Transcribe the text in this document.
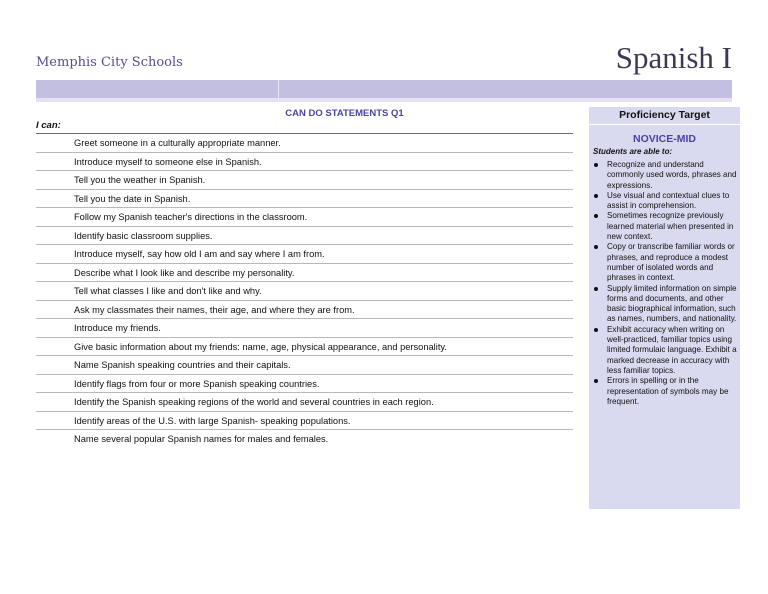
Memphis City Schools	Spanish I
CAN DO STATEMENTS Q1
I can:
Greet someone in a culturally appropriate manner.
Introduce myself to someone else in Spanish.
Tell you the weather in Spanish.
Tell you the date in Spanish.
Follow my Spanish teacher's directions in the classroom.
Identify basic classroom supplies.
Introduce myself, say how old I am and say where I am from.
Describe what I look like and describe my personality.
Tell what classes I like and don't like and why.
Ask my classmates their names, their age, and where they are from.
Introduce my friends.
Give basic information about my friends: name, age, physical appearance, and personality.
Name Spanish speaking countries and their capitals.
Identify flags from four or more Spanish speaking countries.
Identify the Spanish speaking regions of the world and several countries in each region.
Identify areas of the U.S. with large Spanish- speaking populations.
Name several popular Spanish names for males and females.
Proficiency Target
NOVICE-MID
Students are able to:
Recognize and understand commonly used words, phrases and expressions.
Use visual and contextual clues to assist in comprehension.
Sometimes recognize previously learned material when presented in new context.
Copy or transcribe familiar words or phrases, and reproduce a modest number of isolated words and phrases in context.
Supply limited information on simple forms and documents, and other basic biographical information, such as names, numbers, and nationality.
Exhibit accuracy when writing on well-practiced, familiar topics using limited formulaic language. Exhibit a marked decrease in accuracy with less familiar topics.
Errors in spelling or in the representation of symbols may be frequent.
